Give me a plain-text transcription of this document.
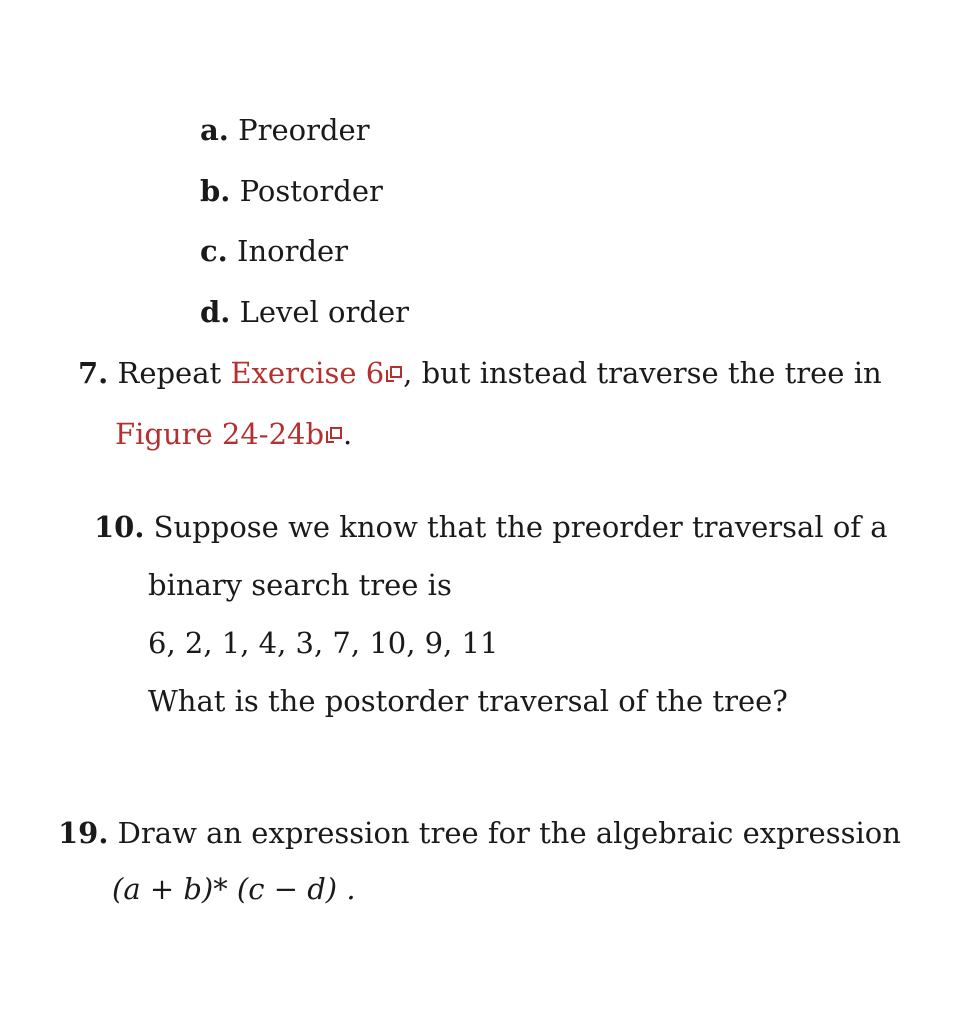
a. Preorder
b. Postorder
c. Inorder
d. Level order
7. Repeat Exercise 6 , but instead traverse the tree in
Figure 24-24b .
10. Suppose we know that the preorder traversal of a
binary search tree is
6, 2, 1, 4, 3, 7, 10, 9, 11
What is the postorder traversal of the tree?
19. Draw an expression tree for the algebraic expression
(a + b)* (c − d) .
